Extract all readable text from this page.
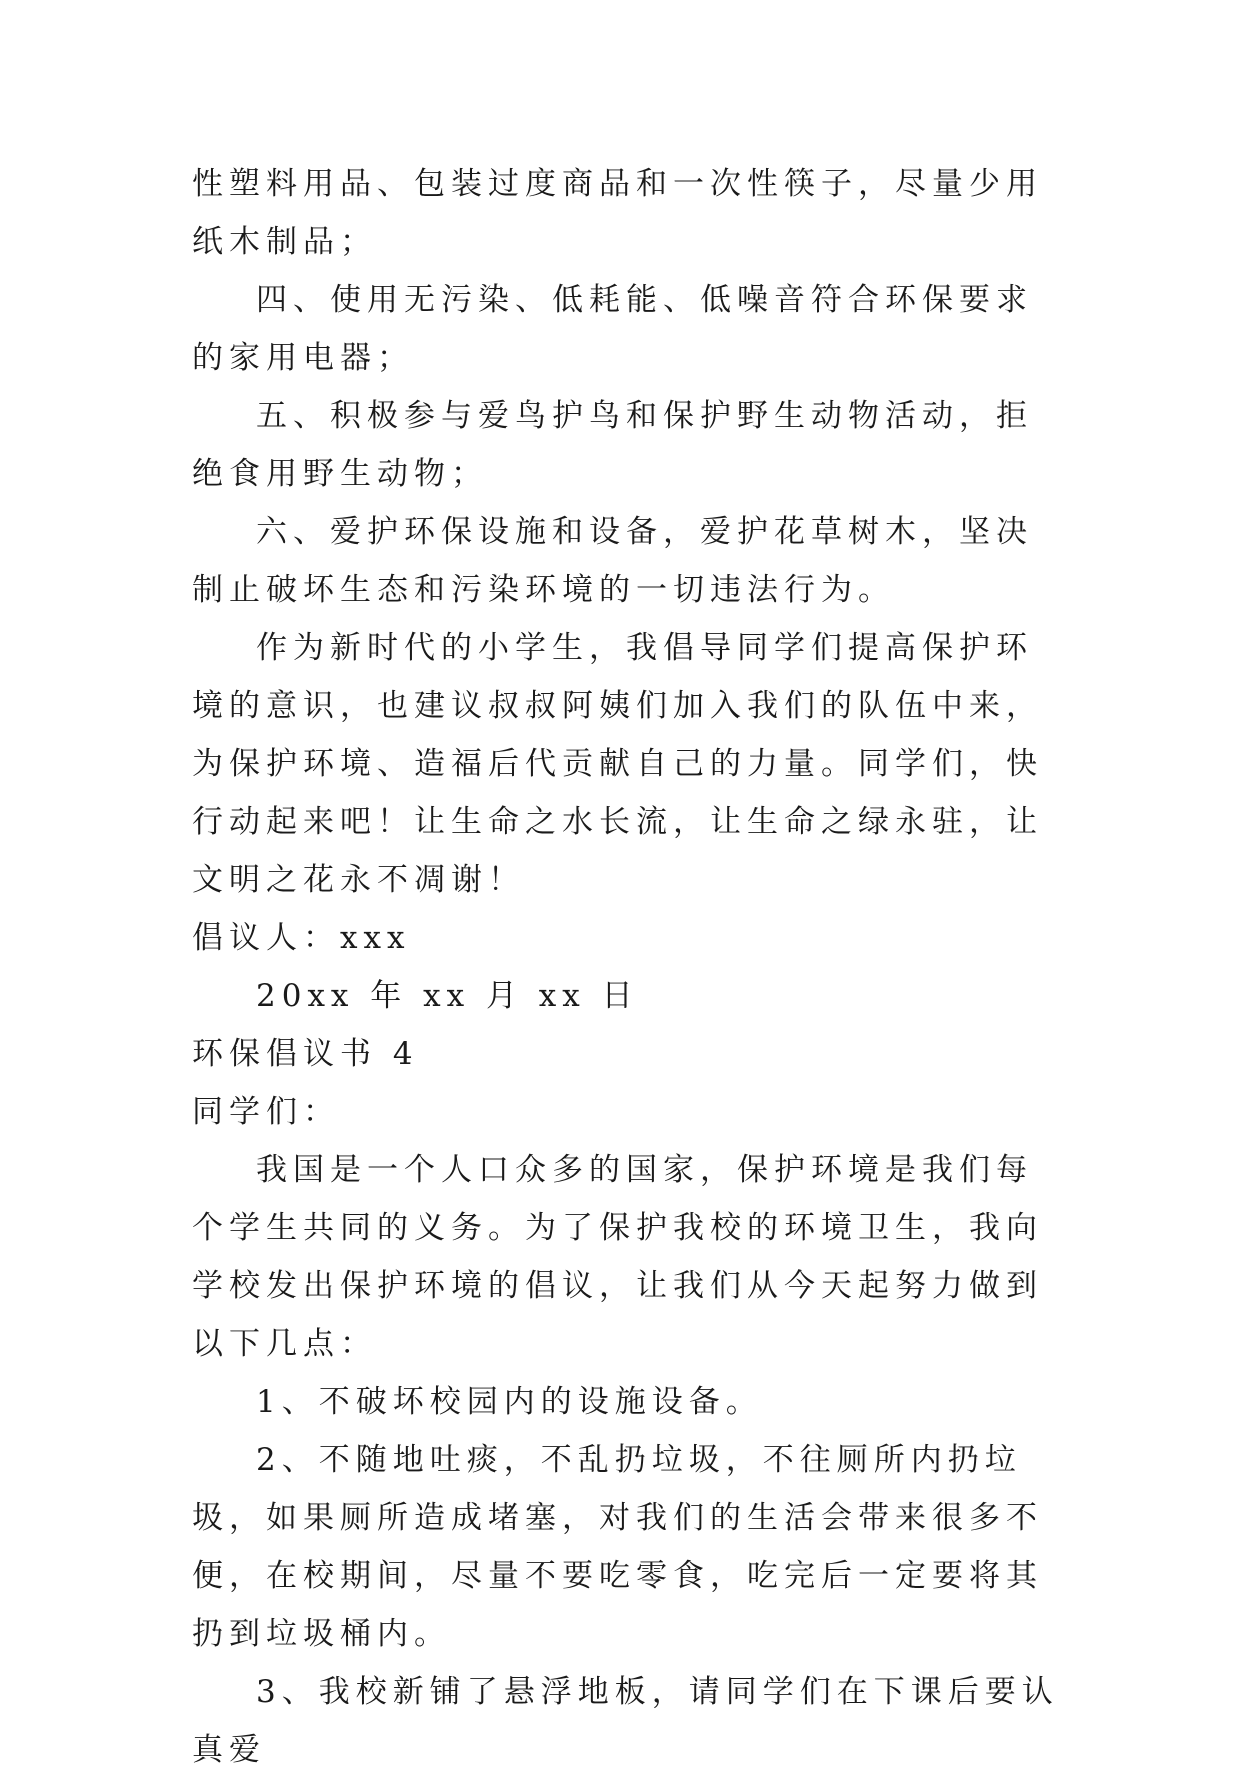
性塑料用品、包装过度商品和一次性筷子，尽量少用纸木制品；

四、使用无污染、低耗能、低噪音符合环保要求的家用电器；

五、积极参与爱鸟护鸟和保护野生动物活动，拒绝食用野生动物；

六、爱护环保设施和设备，爱护花草树木，坚决制止破坏生态和污染环境的一切违法行为。

作为新时代的小学生，我倡导同学们提高保护环境的意识，也建议叔叔阿姨们加入我们的队伍中来，为保护环境、造福后代贡献自己的力量。同学们，快行动起来吧！让生命之水长流，让生命之绿永驻，让文明之花永不凋谢！

倡议人：xxx

20xx 年 xx 月 xx 日

环保倡议书 4

同学们：

我国是一个人口众多的国家，保护环境是我们每个学生共同的义务。为了保护我校的环境卫生，我向学校发出保护环境的倡议，让我们从今天起努力做到以下几点：

1、不破坏校园内的设施设备。

2、不随地吐痰，不乱扔垃圾，不往厕所内扔垃圾，如果厕所造成堵塞，对我们的生活会带来很多不便，在校期间，尽量不要吃零食，吃完后一定要将其扔到垃圾桶内。

3、我校新铺了悬浮地板，请同学们在下课后要认真爱
